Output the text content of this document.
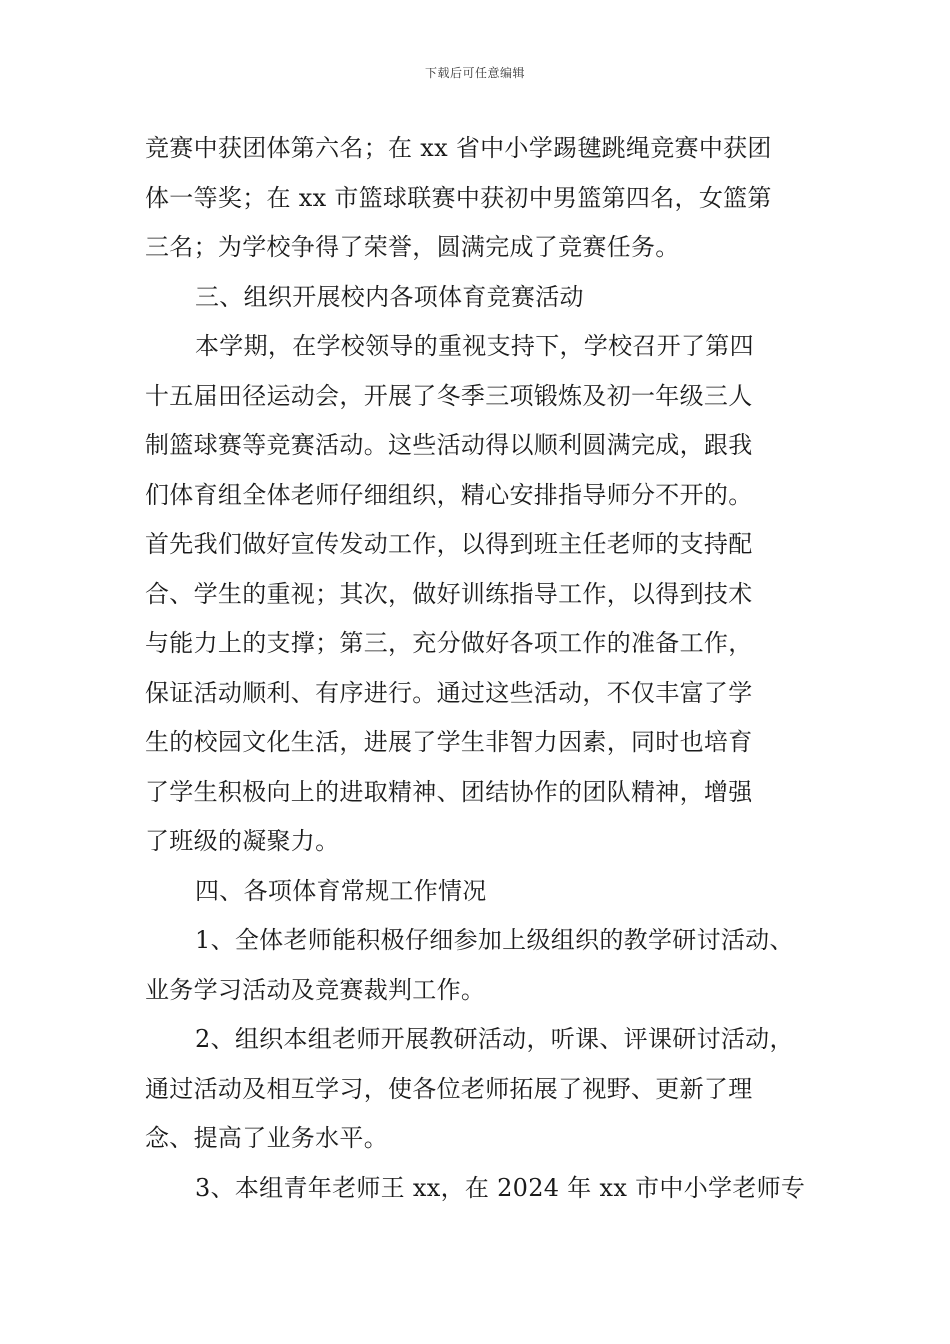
下载后可任意编辑
竞赛中获团体第六名；在 xx 省中小学踢毽跳绳竞赛中获团
体一等奖；在 xx 市篮球联赛中获初中男篮第四名，女篮第
三名；为学校争得了荣誉，圆满完成了竞赛任务。
三、组织开展校内各项体育竞赛活动
本学期，在学校领导的重视支持下，学校召开了第四
十五届田径运动会，开展了冬季三项锻炼及初一年级三人
制篮球赛等竞赛活动。这些活动得以顺利圆满完成，跟我
们体育组全体老师仔细组织，精心安排指导师分不开的。
首先我们做好宣传发动工作，以得到班主任老师的支持配
合、学生的重视；其次，做好训练指导工作，以得到技术
与能力上的支撑；第三，充分做好各项工作的准备工作，
保证活动顺利、有序进行。通过这些活动，不仅丰富了学
生的校园文化生活，进展了学生非智力因素，同时也培育
了学生积极向上的进取精神、团结协作的团队精神，增强
了班级的凝聚力。
四、各项体育常规工作情况
1、全体老师能积极仔细参加上级组织的教学研讨活动、
业务学习活动及竞赛裁判工作。
2、组织本组老师开展教研活动，听课、评课研讨活动，
通过活动及相互学习，使各位老师拓展了视野、更新了理
念、提高了业务水平。
3、本组青年老师王 xx，在 2024 年 xx 市中小学老师专
